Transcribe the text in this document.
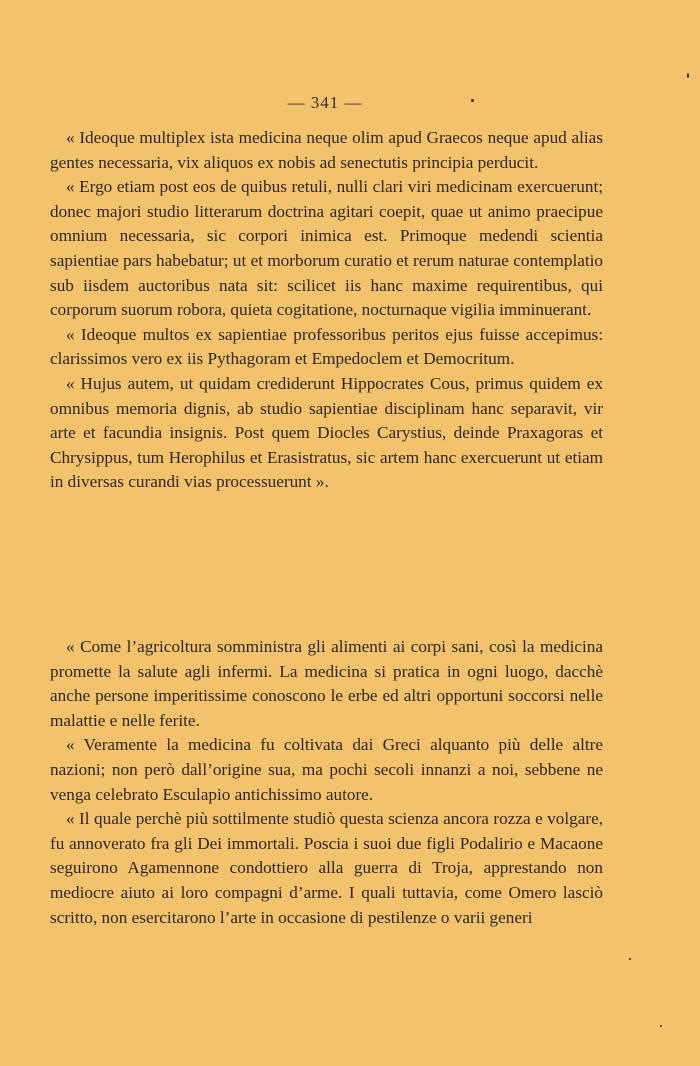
— 341 —

« Ideoque multiplex ista medicina neque olim apud Graecos neque apud alias gentes necessaria, vix aliquos ex nobis ad senectutis principia perducit.

« Ergo etiam post eos de quibus retuli, nulli clari viri medicinam exercuerunt; donec majori studio litterarum doctrina agitari coepit, quae ut animo praecipue omnium necessaria, sic corpori inimica est. Primoque medendi scientia sapientiae pars habebatur; ut et morborum curatio et rerum naturae contemplatio sub iisdem auctoribus nata sit: scilicet iis hanc maxime requirentibus, qui corporum suorum robora, quieta cogitatione, nocturnaque vigilia imminuerant.

« Ideoque multos ex sapientiae professoribus peritos ejus fuisse accepimus: clarissimos vero ex iis Pythagoram et Empedoclem et Democritum.

« Hujus autem, ut quidam crediderunt Hippocrates Cous, primus quidem ex omnibus memoria dignis, ab studio sapientiae disciplinam hanc separavit, vir arte et facundia insignis. Post quem Diocles Carystius, deinde Praxagoras et Chrysippus, tum Herophilus et Erasistratus, sic artem hanc exercuerunt ut etiam in diversas curandi vias processuerunt ».

« Come l’agricoltura somministra gli alimenti ai corpi sani, così la medicina promette la salute agli infermi. La medicina si pratica in ogni luogo, dacchè anche persone imperitissime conoscono le erbe ed altri opportuni soccorsi nelle malattie e nelle ferite.

« Veramente la medicina fu coltivata dai Greci alquanto più delle altre nazioni; non però dall’origine sua, ma pochi secoli innanzi a noi, sebbene ne venga celebrato Esculapio antichissimo autore.

« Il quale perchè più sottilmente studiò questa scienza ancora rozza e volgare, fu annoverato fra gli Dei immortali. Poscia i suoi due figli Podalirio e Macaone seguirono Agamennone condottiero alla guerra di Troja, apprestando non mediocre aiuto ai loro compagni d’arme. I quali tuttavia, come Omero lasciò scritto, non esercitarono l’arte in occasione di pestilenze o varii generi
